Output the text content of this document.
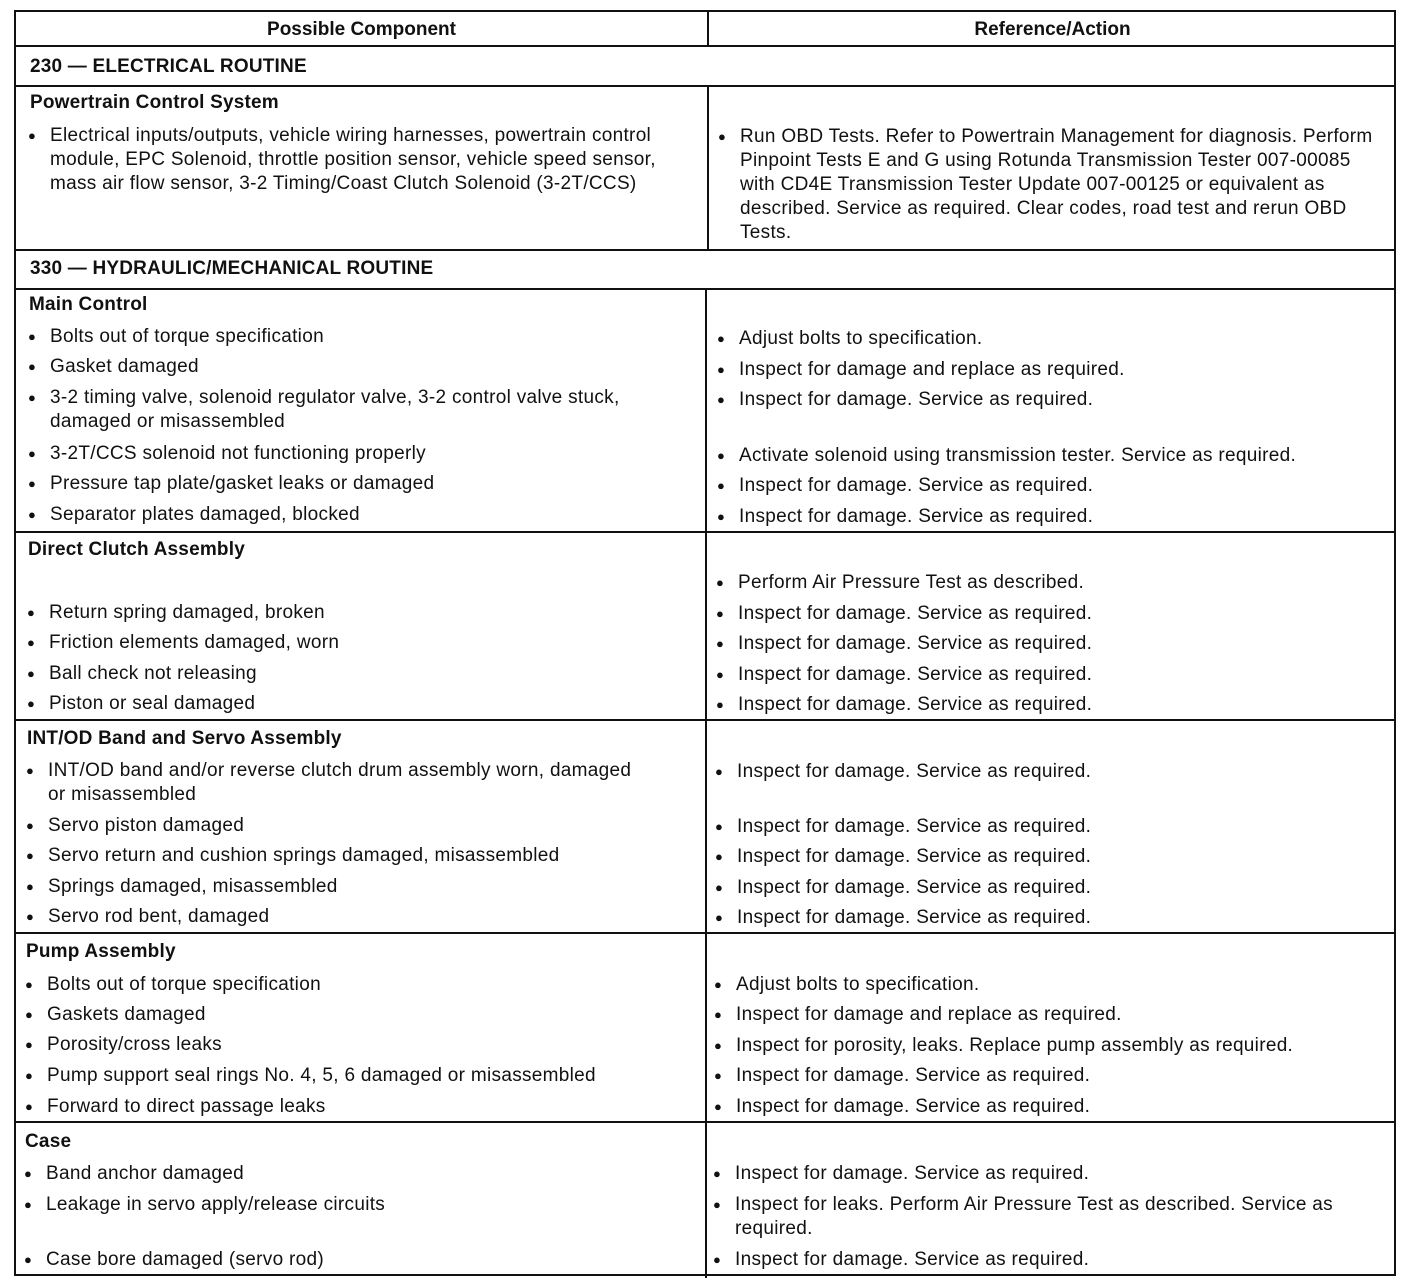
Possible Component	Reference/Action
230 — ELECTRICAL ROUTINE
Powertrain Control System
● Electrical inputs/outputs, vehicle wiring harnesses, powertrain control module, EPC Solenoid, throttle position sensor, vehicle speed sensor, mass air flow sensor, 3-2 Timing/Coast Clutch Solenoid (3-2T/CCS)
● Run OBD Tests. Refer to Powertrain Management for diagnosis. Perform Pinpoint Tests E and G using Rotunda Transmission Tester 007-00085 with CD4E Transmission Tester Update 007-00125 or equivalent as described. Service as required. Clear codes, road test and rerun OBD Tests.
330 — HYDRAULIC/MECHANICAL ROUTINE
Main Control
● Bolts out of torque specification
● Gasket damaged
● 3-2 timing valve, solenoid regulator valve, 3-2 control valve stuck, damaged or misassembled
● 3-2T/CCS solenoid not functioning properly
● Pressure tap plate/gasket leaks or damaged
● Separator plates damaged, blocked
● Adjust bolts to specification.
● Inspect for damage and replace as required.
● Inspect for damage. Service as required.
● Activate solenoid using transmission tester. Service as required.
● Inspect for damage. Service as required.
● Inspect for damage. Service as required.
Direct Clutch Assembly
● Return spring damaged, broken
● Friction elements damaged, worn
● Ball check not releasing
● Piston or seal damaged
● Perform Air Pressure Test as described.
● Inspect for damage. Service as required.
● Inspect for damage. Service as required.
● Inspect for damage. Service as required.
● Inspect for damage. Service as required.
INT/OD Band and Servo Assembly
● INT/OD band and/or reverse clutch drum assembly worn, damaged or misassembled
● Servo piston damaged
● Servo return and cushion springs damaged, misassembled
● Springs damaged, misassembled
● Servo rod bent, damaged
● Inspect for damage. Service as required.
● Inspect for damage. Service as required.
● Inspect for damage. Service as required.
● Inspect for damage. Service as required.
● Inspect for damage. Service as required.
Pump Assembly
● Bolts out of torque specification
● Gaskets damaged
● Porosity/cross leaks
● Pump support seal rings No. 4, 5, 6 damaged or misassembled
● Forward to direct passage leaks
● Adjust bolts to specification.
● Inspect for damage and replace as required.
● Inspect for porosity, leaks. Replace pump assembly as required.
● Inspect for damage. Service as required.
● Inspect for damage. Service as required.
Case
● Band anchor damaged
● Leakage in servo apply/release circuits
● Case bore damaged (servo rod)
● Inspect for damage. Service as required.
● Inspect for leaks. Perform Air Pressure Test as described. Service as required.
● Inspect for damage. Service as required.
